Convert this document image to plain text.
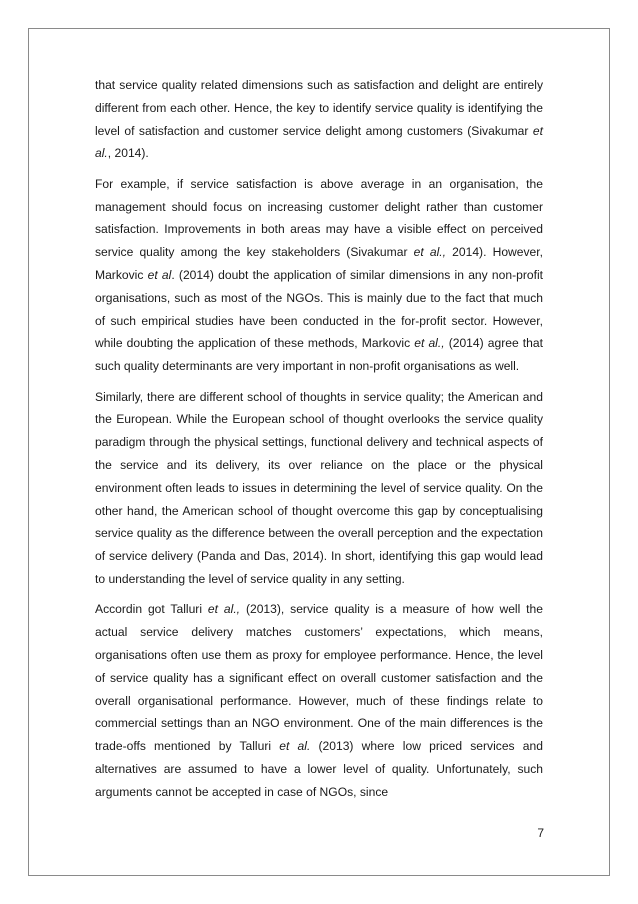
that service quality related dimensions such as satisfaction and delight are entirely different from each other. Hence, the key to identify service quality is identifying the level of satisfaction and customer service delight among customers (Sivakumar et al., 2014).

For example, if service satisfaction is above average in an organisation, the management should focus on increasing customer delight rather than customer satisfaction. Improvements in both areas may have a visible effect on perceived service quality among the key stakeholders (Sivakumar et al., 2014). However, Markovic et al. (2014) doubt the application of similar dimensions in any non-profit organisations, such as most of the NGOs. This is mainly due to the fact that much of such empirical studies have been conducted in the for-profit sector. However, while doubting the application of these methods, Markovic et al., (2014) agree that such quality determinants are very important in non-profit organisations as well.

Similarly, there are different school of thoughts in service quality; the American and the European. While the European school of thought overlooks the service quality paradigm through the physical settings, functional delivery and technical aspects of the service and its delivery, its over reliance on the place or the physical environment often leads to issues in determining the level of service quality. On the other hand, the American school of thought overcome this gap by conceptualising service quality as the difference between the overall perception and the expectation of service delivery (Panda and Das, 2014). In short, identifying this gap would lead to understanding the level of service quality in any setting.

Accordin got Talluri et al., (2013), service quality is a measure of how well the actual service delivery matches customers’ expectations, which means, organisations often use them as proxy for employee performance. Hence, the level of service quality has a significant effect on overall customer satisfaction and the overall organisational performance. However, much of these findings relate to commercial settings than an NGO environment. One of the main differences is the trade-offs mentioned by Talluri et al. (2013) where low priced services and alternatives are assumed to have a lower level of quality. Unfortunately, such arguments cannot be accepted in case of NGOs, since

7
